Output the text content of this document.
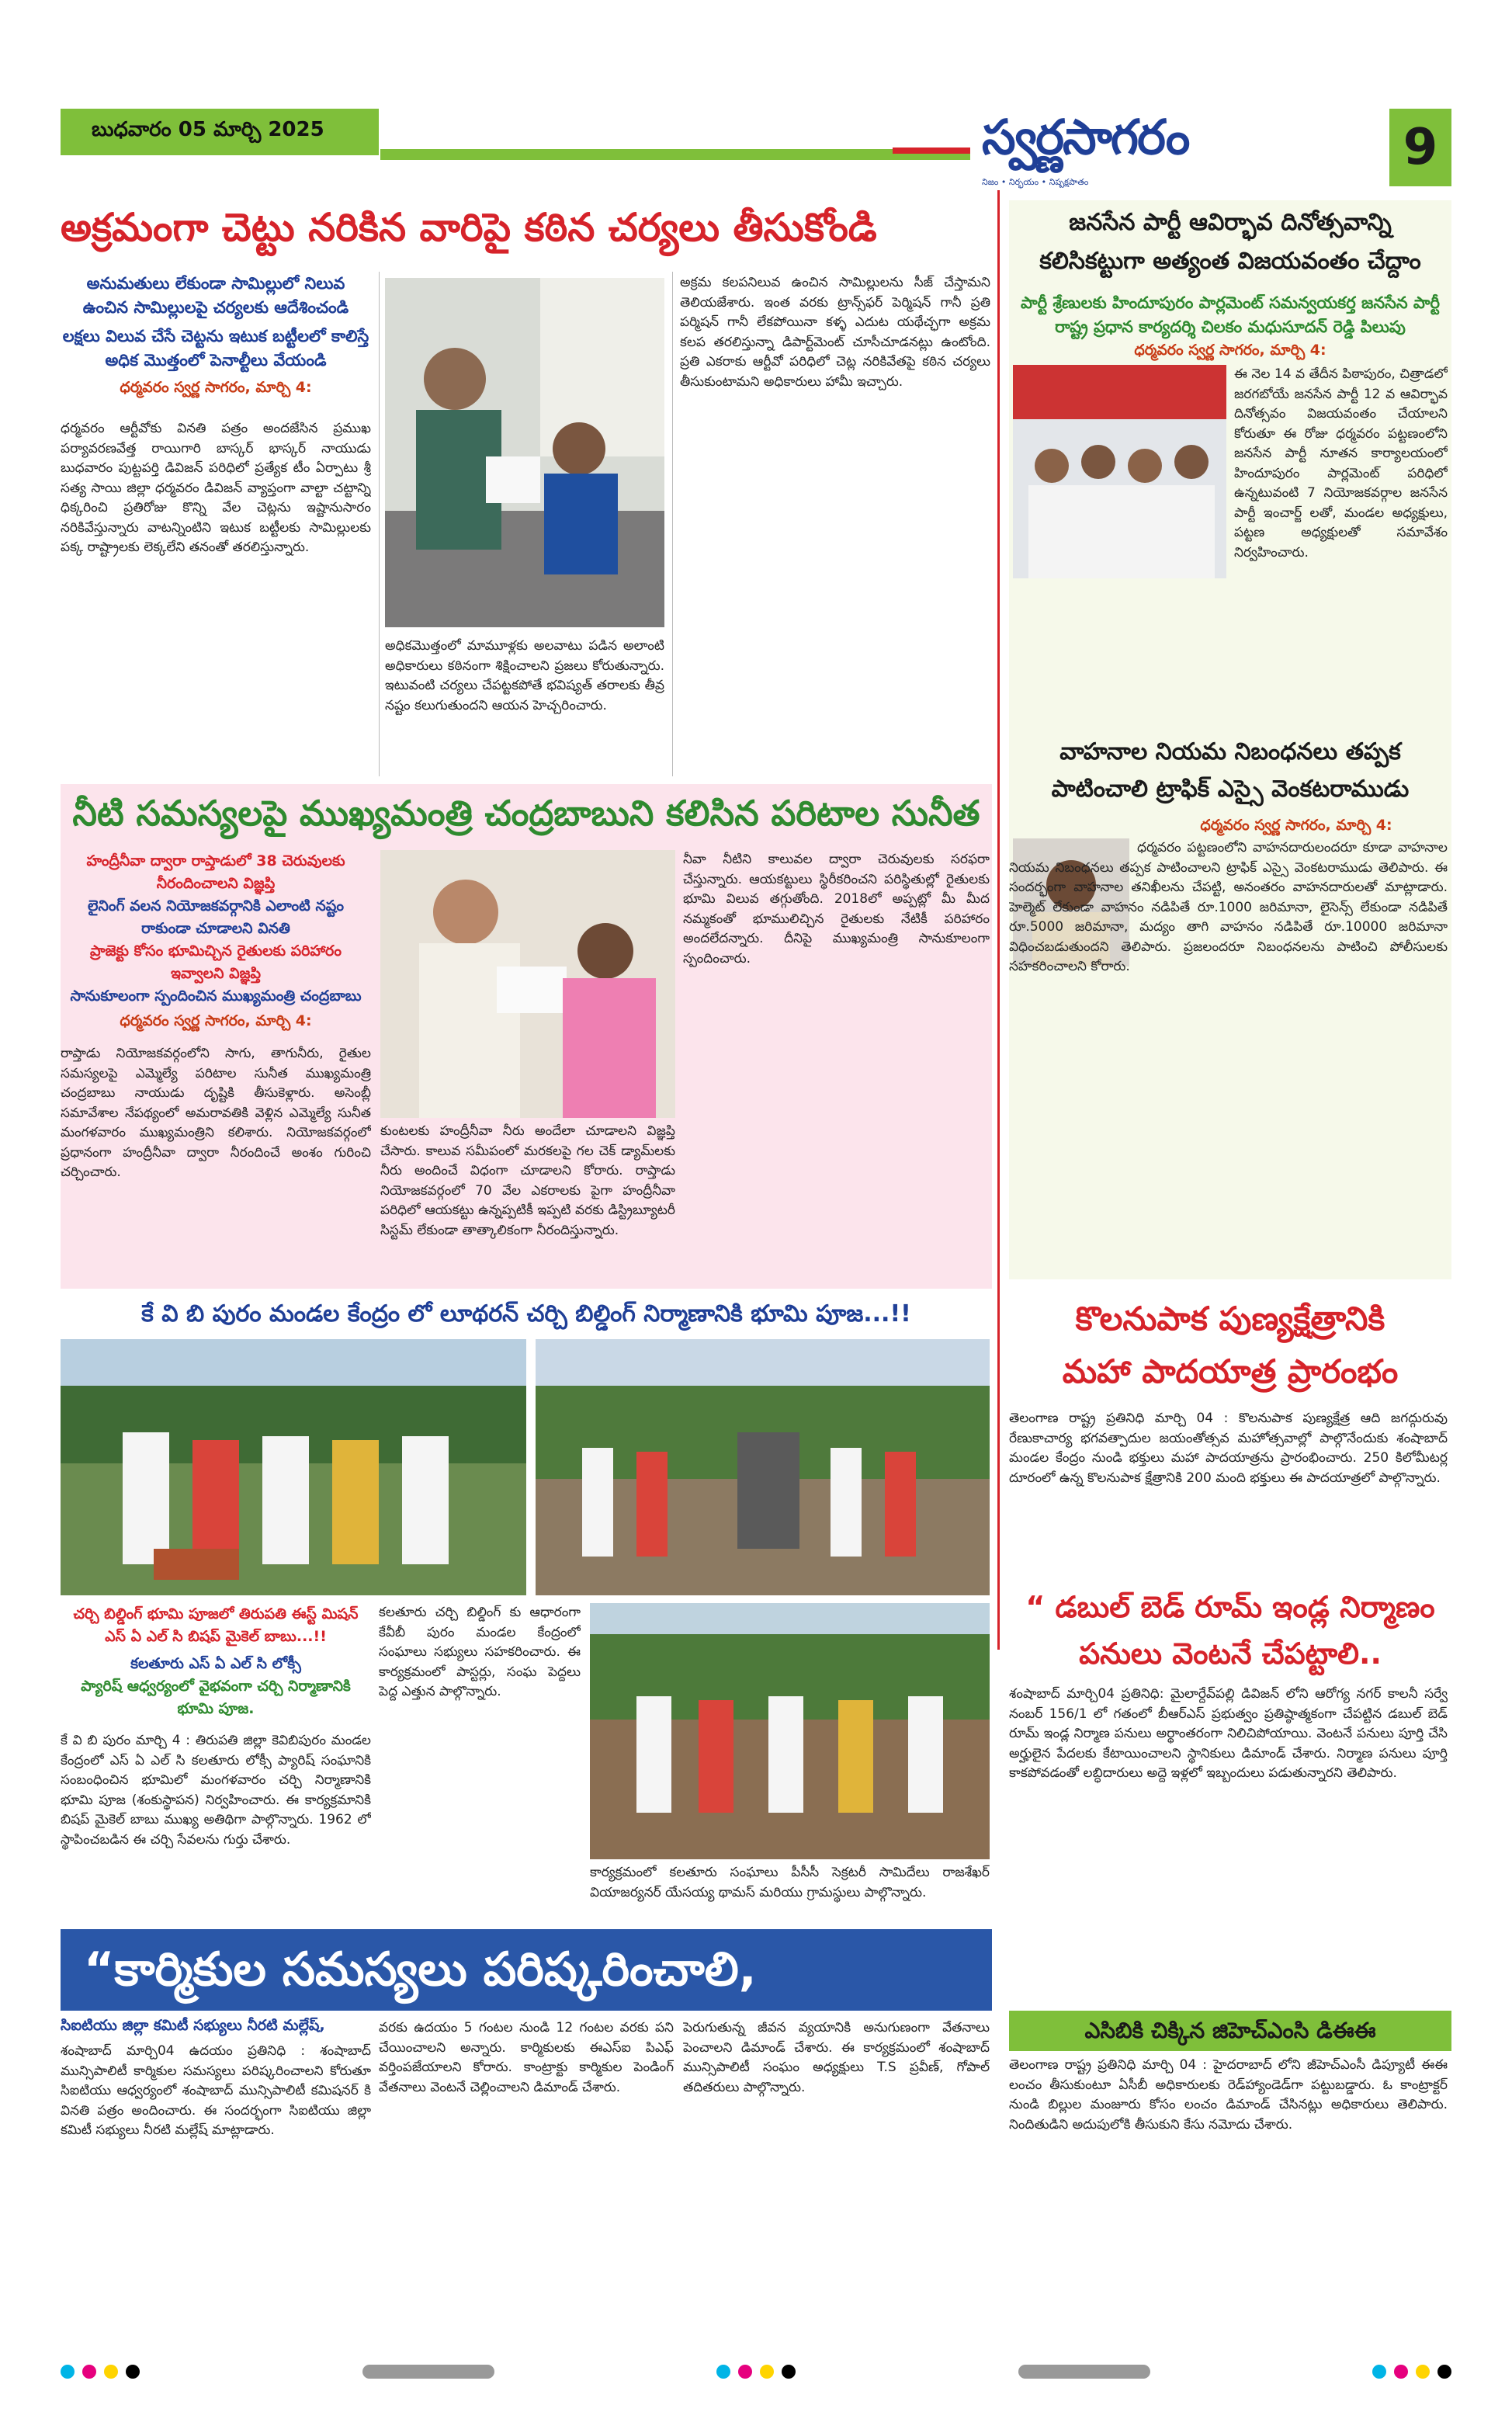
బుధవారం 05 మార్చి 2025	స్వర్ణసాగరం
నిజం • నిర్భయం • నిష్పక్షపాతం
9
అక్రమంగా చెట్టు నరికిన వారిపై కఠిన చర్యలు తీసుకోండి
అనుమతులు లేకుండా సామిల్లులో నిలువ
ఉంచిన సామిల్లులపై చర్యలకు ఆదేశించండి
లక్షలు విలువ చేసే చెట్టను ఇటుక బట్టీలలో కాలిస్తే
అధిక మొత్తంలో పెనాల్టీలు వేయండి
ధర్మవరం స్వర్ణ సాగరం, మార్చి 4:
ధర్మవరం ఆర్టీవోకు వినతి పత్రం అందజేసిన ప్రముఖ పర్యావరణవేత్త రాయిగారి బాస్కర్ భాస్కర్ నాయుడు బుధవారం పుట్టపర్తి డివిజన్ పరిధిలో ప్రత్యేక టీం ఏర్పాటు శ్రీ సత్య సాయి జిల్లా ధర్మవరం డివిజన్ వ్యాప్తంగా వాల్టా చట్టాన్ని ధిక్కరించి ప్రతిరోజు కొన్ని వేల చెట్లను ఇష్టానుసారం నరికివేస్తున్నారు వాటన్నింటిని ఇటుక బట్టీలకు సామిల్లులకు పక్క రాష్ట్రాలకు లెక్కలేని తనంతో తరలిస్తున్నారు.
అధికమొత్తంలో మామూళ్లకు అలవాటు పడిన అలాంటి అధికారులు కఠినంగా శిక్షించాలని ప్రజలు కోరుతున్నారు. ఇటువంటి చర్యలు చేపట్టకపోతే భవిష్యత్ తరాలకు తీవ్ర నష్టం కలుగుతుందని ఆయన హెచ్చరించారు.
అక్రమ కలపనిలువ ఉంచిన సామిల్లులను సీజ్ చేస్తామని తెలియజేశారు. ఇంత వరకు ట్రాన్స్‌ఫర్ పెర్మిషన్ గానీ ప్రతి పర్మిషన్ గానీ లేకపోయినా కళ్ళ ఎదుట యథేచ్ఛగా అక్రమ కలప తరలిస్తున్నా డిపార్ట్‌మెంట్ చూసీచూడనట్లు ఉంటోంది. ప్రతి ఎకరాకు ఆర్టీవో పరిధిలో చెట్ల నరికివేతపై కఠిన చర్యలు తీసుకుంటామని అధికారులు హామీ ఇచ్చారు.
నీటి సమస్యలపై ముఖ్యమంత్రి చంద్రబాబుని కలిసిన పరిటాల సునీత
హంద్రీనీవా ద్వారా రాప్తాడులో 38 చెరువులకు
నీరందించాలని విజ్ఞప్తి
లైనింగ్ వలన నియోజకవర్గానికి ఎలాంటి నష్టం
రాకుండా చూడాలని వినతి
ప్రాజెక్టు కోసం భూమిచ్చిన రైతులకు పరిహారం
ఇవ్వాలని విజ్ఞప్తి
సానుకూలంగా స్పందించిన ముఖ్యమంత్రి చంద్రబాబు
ధర్మవరం స్వర్ణ సాగరం, మార్చి 4:
రాప్తాడు నియోజకవర్గంలోని సాగు, తాగునీరు, రైతుల సమస్యలపై ఎమ్మెల్యే పరిటాల సునీత ముఖ్యమంత్రి చంద్రబాబు నాయుడు దృష్టికి తీసుకెళ్లారు. అసెంబ్లీ సమావేశాల నేపథ్యంలో అమరావతికి వెళ్లిన ఎమ్మెల్యే సునీత మంగళవారం ముఖ్యమంత్రిని కలిశారు. నియోజకవర్గంలో ప్రధానంగా హంద్రీనీవా ద్వారా నీరందించే అంశం గురించి చర్చించారు.
కుంటలకు హంద్రీనీవా నీరు అందేలా చూడాలని విజ్ఞప్తి చేసారు. కాలువ సమీపంలో మరకలపై గల చెక్ డ్యామ్‌లకు నీరు అందించే విధంగా చూడాలని కోరారు. రాప్తాడు నియోజకవర్గంలో 70 వేల ఎకరాలకు పైగా హంద్రీనీవా పరిధిలో ఆయకట్టు ఉన్నప్పటికీ ఇప్పటి వరకు డిస్ట్రిబ్యూటరీ సిస్టమ్ లేకుండా తాత్కాలికంగా నీరందిస్తున్నారు.
నీవా నీటిని కాలువల ద్వారా చెరువులకు సరఫరా చేస్తున్నారు. ఆయకట్టులు స్థిరీకరించని పరిస్థితుల్లో రైతులకు భూమి విలువ తగ్గుతోంది. 2018లో అప్పట్లో మీ మీద నమ్మకంతో భూములిచ్చిన రైతులకు నేటికీ పరిహారం అందలేదన్నారు. దీనిపై ముఖ్యమంత్రి సానుకూలంగా స్పందించారు.
కే వి బి పురం మండల కేంద్రం లో లూథరన్ చర్చి బిల్డింగ్ నిర్మాణానికి భూమి పూజ...!!
చర్చి బిల్డింగ్ భూమి పూజలో తిరుపతి ఈస్ట్ మిషన్ ఎస్ ఏ ఎల్ సి బిషప్ మైకెల్ బాబు...!!
కలతూరు ఎస్ ఏ ఎల్ సి లోక్సీ
ప్యారిష్ ఆధ్వర్యంలో వైభవంగా చర్చి నిర్మాణానికి
భూమి పూజ.
కే వి బి పురం మార్చి 4 : తిరుపతి జిల్లా కెవిబిపురం మండల కేంద్రంలో ఎస్ ఏ ఎల్ సి కలతూరు లోక్సీ ప్యారిష్ సంఘానికి సంబంధించిన భూమిలో మంగళవారం చర్చి నిర్మాణానికి భూమి పూజ (శంకుస్థాపన) నిర్వహించారు. ఈ కార్యక్రమానికి బిషప్ మైకెల్ బాబు ముఖ్య అతిథిగా పాల్గొన్నారు. 1962 లో స్థాపించబడిన ఈ చర్చి సేవలను గుర్తు చేశారు.
కలతూరు చర్చి బిల్డింగ్ కు ఆధారంగా కేవీబీ పురం మండల కేంద్రంలో సంఘాలు సభ్యులు సహకరించారు. ఈ కార్యక్రమంలో పాస్టర్లు, సంఘ పెద్దలు పెద్ద ఎత్తున పాల్గొన్నారు.
కార్యక్రమంలో కలతూరు సంఘాలు పీసీసీ సెక్రటరీ సామిదేలు రాజశేఖర్ వియాజర్యనర్ యేసయ్య థామస్ మరియు గ్రామస్థులు పాల్గొన్నారు.
“కార్మికుల సమస్యలు పరిష్కరించాలి,
సిఐటియు జిల్లా కమిటీ సభ్యులు నీరటి మల్లేష్,
శంషాబాద్ మార్చి04 ఉదయం ప్రతినిధి : శంషాబాద్ మున్సిపాలిటీ కార్మికుల సమస్యలు పరిష్కరించాలని కోరుతూ సిఐటియు ఆధ్వర్యంలో శంషాబాద్ మున్సిపాలిటీ కమిషనర్ కి వినతి పత్రం అందించారు. ఈ సందర్భంగా సిఐటియు జిల్లా కమిటీ సభ్యులు నీరటి మల్లేష్ మాట్లాడారు.
వరకు ఉదయం 5 గంటల నుండి 12 గంటల వరకు పని చేయించాలని అన్నారు. కార్మికులకు ఈఎస్ఐ పిఎఫ్ వర్తింపజేయాలని కోరారు. కాంట్రాక్టు కార్మికుల పెండింగ్ వేతనాలు వెంటనే చెల్లించాలని డిమాండ్ చేశారు.
పెరుగుతున్న జీవన వ్యయానికి అనుగుణంగా వేతనాలు పెంచాలని డిమాండ్ చేశారు. ఈ కార్యక్రమంలో శంషాబాద్ మున్సిపాలిటీ సంఘం అధ్యక్షులు T.S ప్రవీణ్, గోపాల్ తదితరులు పాల్గొన్నారు.
జనసేన పార్టీ ఆవిర్భావ దినోత్సవాన్ని
కలిసికట్టుగా అత్యంత విజయవంతం చేద్దాం
పార్టీ శ్రేణులకు హిందూపురం పార్లమెంట్ సమన్వయకర్త జనసేన పార్టీ రాష్ట్ర ప్రధాన కార్యదర్శి చిలకం మధుసూదన్ రెడ్డి పిలుపు
ధర్మవరం స్వర్ణ సాగరం, మార్చి 4:
ఈ నెల 14 వ తేదీన పిఠాపురం, చిత్రాడలో జరగబోయే జనసేన పార్టీ 12 వ ఆవిర్భావ దినోత్సవం విజయవంతం చేయాలని కోరుతూ ఈ రోజు ధర్మవరం పట్టణంలోని జనసేన పార్టీ నూతన కార్యాలయంలో హిందూపురం పార్లమెంట్ పరిధిలో ఉన్నటువంటి 7 నియోజకవర్గాల జనసేన పార్టీ ఇంచార్జ్ లతో, మండల అధ్యక్షులు, పట్టణ అధ్యక్షులతో సమావేశం నిర్వహించారు.
వాహనాల నియమ నిబంధనలు తప్పక పాటించాలి ట్రాఫిక్ ఎస్సై వెంకటరాముడు
ధర్మవరం స్వర్ణ సాగరం, మార్చి 4:
ధర్మవరం పట్టణంలోని వాహనదారులందరూ కూడా వాహనాల నియమ నిబంధనలు తప్పక పాటించాలని ట్రాఫిక్ ఎస్సై వెంకటరాముడు తెలిపారు. ఈ సందర్భంగా వాహనాల తనిఖీలను చేపట్టి, అనంతరం వాహనదారులతో మాట్లాడారు. హెల్మెట్ లేకుండా వాహనం నడిపితే రూ.1000 జరిమానా, లైసెన్స్ లేకుండా నడిపితే రూ.5000 జరిమానా, మద్యం తాగి వాహనం నడిపితే రూ.10000 జరిమానా విధించబడుతుందని తెలిపారు. ప్రజలందరూ నిబంధనలను పాటించి పోలీసులకు సహకరించాలని కోరారు.
కొలనుపాక పుణ్యక్షేత్రానికి
మహా పాదయాత్ర ప్రారంభం
తెలంగాణ రాష్ట్ర ప్రతినిధి మార్చి 04 : కొలనుపాక పుణ్యక్షేత్ర ఆది జగద్గురువు రేణుకాచార్య భగవత్పాదుల జయంతోత్సవ మహోత్సవాల్లో పాల్గొనేందుకు శంషాబాద్ మండల కేంద్రం నుండి భక్తులు మహా పాదయాత్రను ప్రారంభించారు. 250 కిలోమీటర్ల దూరంలో ఉన్న కొలనుపాక క్షేత్రానికి 200 మంది భక్తులు ఈ పాదయాత్రలో పాల్గొన్నారు.
“ డబుల్ బెడ్ రూమ్ ఇండ్ల నిర్మాణం
పనులు వెంటనే చేపట్టాలి..
శంషాబాద్ మార్చి04 ప్రతినిధి: మైలార్దేవ్‌పల్లి డివిజన్ లోని ఆరోగ్య నగర్ కాలనీ సర్వే నంబర్ 156/1 లో గతంలో బీఆర్ఎస్ ప్రభుత్వం ప్రతిష్ఠాత్మకంగా చేపట్టిన డబుల్ బెడ్ రూమ్ ఇండ్ల నిర్మాణ పనులు అర్థాంతరంగా నిలిచిపోయాయి. వెంటనే పనులు పూర్తి చేసి అర్హులైన పేదలకు కేటాయించాలని స్థానికులు డిమాండ్ చేశారు. నిర్మాణ పనులు పూర్తి కాకపోవడంతో లబ్ధిదారులు అద్దె ఇళ్లలో ఇబ్బందులు పడుతున్నారని తెలిపారు.
ఎసిబికి చిక్కిన జిహెచ్ఎంసి డిఈఈ
తెలంగాణ రాష్ట్ర ప్రతినిధి మార్చి 04 : హైదరాబాద్ లోని జీహెచ్ఎంసీ డిప్యూటీ ఈఈ లంచం తీసుకుంటూ ఏసీబీ అధికారులకు రెడ్‌హ్యాండెడ్‌గా పట్టుబడ్డారు. ఓ కాంట్రాక్టర్ నుండి బిల్లుల మంజూరు కోసం లంచం డిమాండ్ చేసినట్లు అధికారులు తెలిపారు. నిందితుడిని అదుపులోకి తీసుకుని కేసు నమోదు చేశారు.
